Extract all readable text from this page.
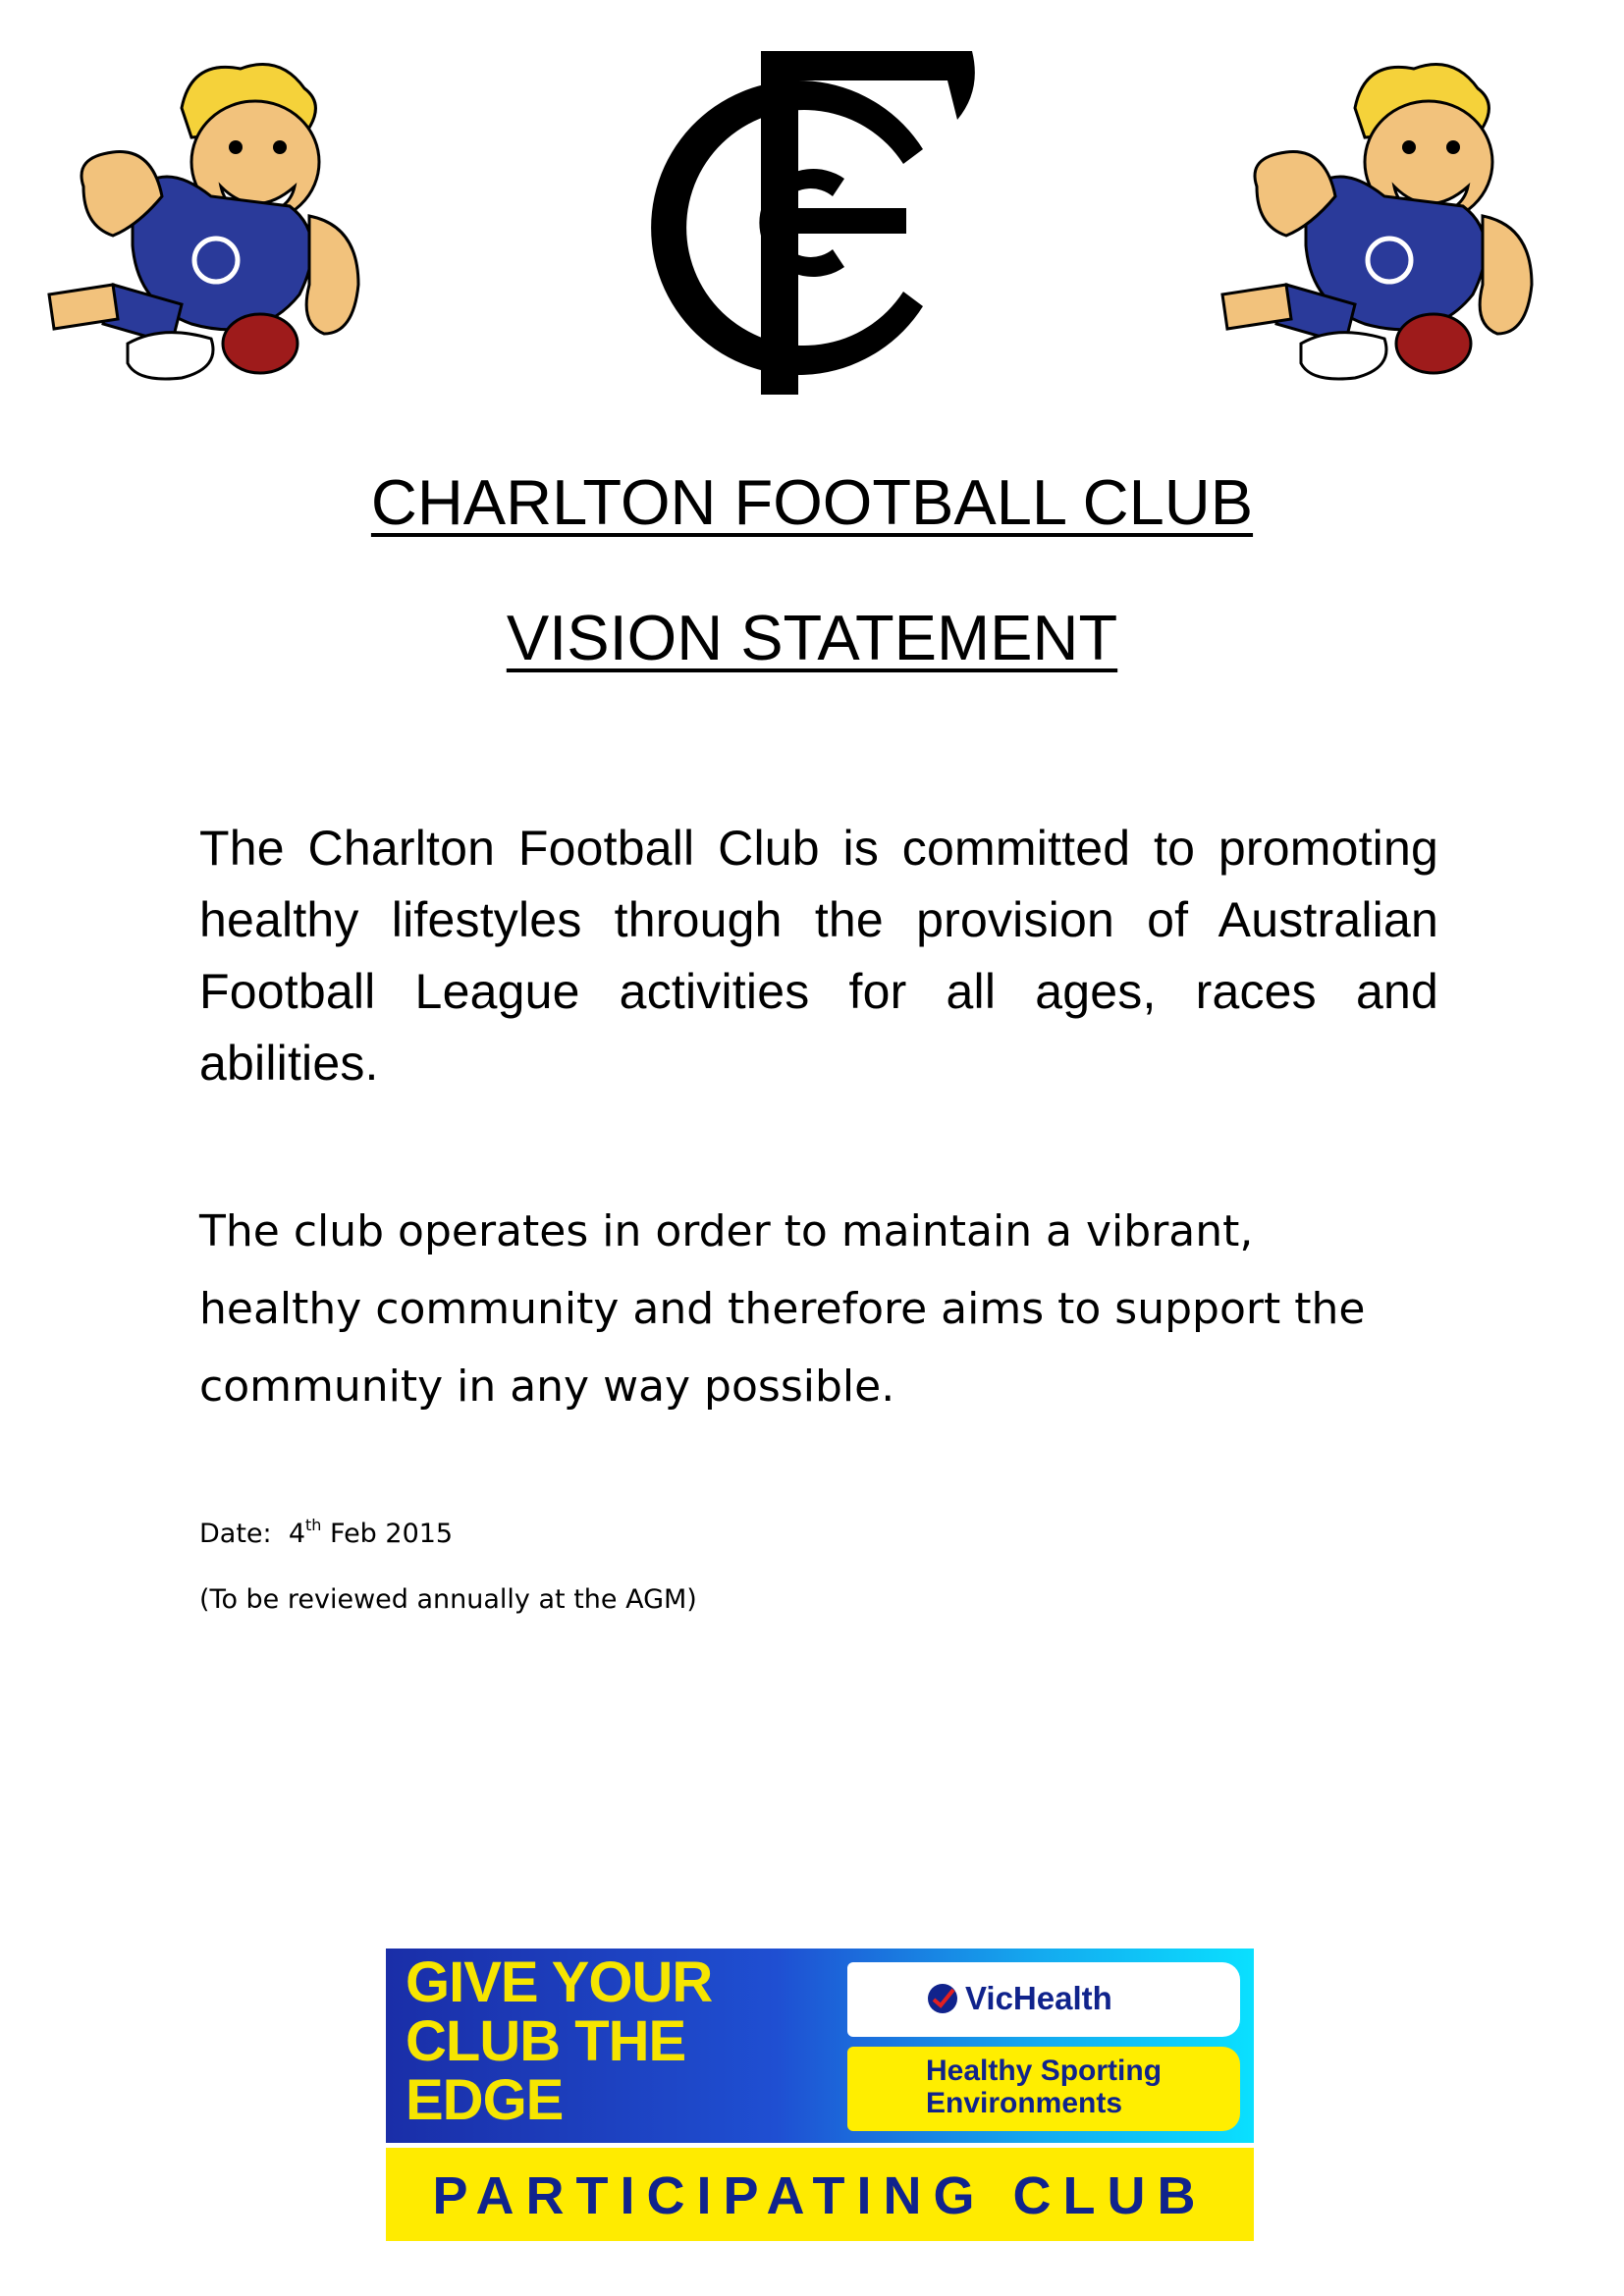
CHARLTON FOOTBALL CLUB
VISION STATEMENT
The Charlton Football Club is committed to promoting healthy lifestyles through the provision of Australian Football League activities for all ages, races and abilities.
The club operates in order to maintain a vibrant,
healthy community and therefore aims to support the
community in any way possible.
Date: 4th Feb 2015
(To be reviewed annually at the AGM)
GIVE YOUR
CLUB THE
EDGE
VicHealth
Healthy Sporting
Environments
PARTICIPATING CLUB
